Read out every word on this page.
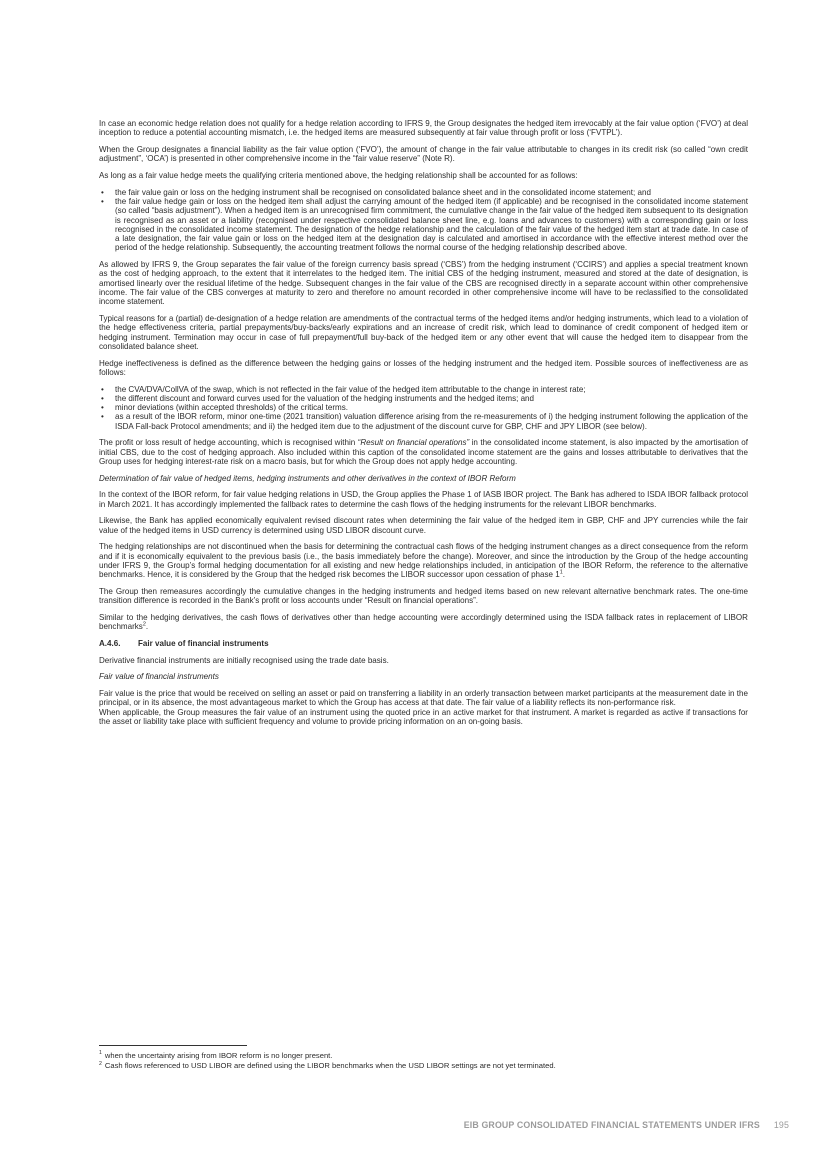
In case an economic hedge relation does not qualify for a hedge relation according to IFRS 9, the Group designates the hedged item irrevocably at the fair value option (‘FVO’) at deal inception to reduce a potential accounting mismatch, i.e. the hedged items are measured subsequently at fair value through profit or loss (‘FVTPL’).

When the Group designates a financial liability as the fair value option (‘FVO’), the amount of change in the fair value attributable to changes in its credit risk (so called “own credit adjustment”, ‘OCA’) is presented in other comprehensive income in the “fair value reserve” (Note R).

As long as a fair value hedge meets the qualifying criteria mentioned above, the hedging relationship shall be accounted for as follows:

• the fair value gain or loss on the hedging instrument shall be recognised on consolidated balance sheet and in the consolidated income statement; and
• the fair value hedge gain or loss on the hedged item shall adjust the carrying amount of the hedged item (if applicable) and be recognised in the consolidated income statement (so called “basis adjustment”). When a hedged item is an unrecognised firm commitment, the cumulative change in the fair value of the hedged item subsequent to its designation is recognised as an asset or a liability (recognised under respective consolidated balance sheet line, e.g. loans and advances to customers) with a corresponding gain or loss recognised in the consolidated income statement. The designation of the hedge relationship and the calculation of the fair value of the hedged item start at trade date. In case of a late designation, the fair value gain or loss on the hedged item at the designation day is calculated and amortised in accordance with the effective interest method over the period of the hedge relationship. Subsequently, the accounting treatment follows the normal course of the hedging relationship described above.

As allowed by IFRS 9, the Group separates the fair value of the foreign currency basis spread (‘CBS’) from the hedging instrument (‘CCIRS’) and applies a special treatment known as the cost of hedging approach, to the extent that it interrelates to the hedged item. The initial CBS of the hedging instrument, measured and stored at the date of designation, is amortised linearly over the residual lifetime of the hedge. Subsequent changes in the fair value of the CBS are recognised directly in a separate account within other comprehensive income. The fair value of the CBS converges at maturity to zero and therefore no amount recorded in other comprehensive income will have to be reclassified to the consolidated income statement.

Typical reasons for a (partial) de-designation of a hedge relation are amendments of the contractual terms of the hedged items and/or hedging instruments, which lead to a violation of the hedge effectiveness criteria, partial prepayments/buy-backs/early expirations and an increase of credit risk, which lead to dominance of credit component of hedged item or hedging instrument. Termination may occur in case of full prepayment/full buy-back of the hedged item or any other event that will cause the hedged item to disappear from the consolidated balance sheet.

Hedge ineffectiveness is defined as the difference between the hedging gains or losses of the hedging instrument and the hedged item. Possible sources of ineffectiveness are as follows:

• the CVA/DVA/CollVA of the swap, which is not reflected in the fair value of the hedged item attributable to the change in interest rate;
• the different discount and forward curves used for the valuation of the hedging instruments and the hedged items; and
• minor deviations (within accepted thresholds) of the critical terms.
• as a result of the IBOR reform, minor one-time (2021 transition) valuation difference arising from the re-measurements of i) the hedging instrument following the application of the ISDA Fall-back Protocol amendments; and ii) the hedged item due to the adjustment of the discount curve for GBP, CHF and JPY LIBOR (see below).

The profit or loss result of hedge accounting, which is recognised within “Result on financial operations” in the consolidated income statement, is also impacted by the amortisation of initial CBS, due to the cost of hedging approach. Also included within this caption of the consolidated income statement are the gains and losses attributable to derivatives that the Group uses for hedging interest-rate risk on a macro basis, but for which the Group does not apply hedge accounting.

Determination of fair value of hedged items, hedging instruments and other derivatives in the context of IBOR Reform

In the context of the IBOR reform, for fair value hedging relations in USD, the Group applies the Phase 1 of IASB IBOR project. The Bank has adhered to ISDA IBOR fallback protocol in March 2021. It has accordingly implemented the fallback rates to determine the cash flows of the hedging instruments for the relevant LIBOR benchmarks.

Likewise, the Bank has applied economically equivalent revised discount rates when determining the fair value of the hedged item in GBP, CHF and JPY currencies while the fair value of the hedged items in USD currency is determined using USD LIBOR discount curve.

The hedging relationships are not discontinued when the basis for determining the contractual cash flows of the hedging instrument changes as a direct consequence from the reform and if it is economically equivalent to the previous basis (i.e., the basis immediately before the change). Moreover, and since the introduction by the Group of the hedge accounting under IFRS 9, the Group’s formal hedging documentation for all existing and new hedge relationships included, in anticipation of the IBOR Reform, the reference to the alternative benchmarks. Hence, it is considered by the Group that the hedged risk becomes the LIBOR successor upon cessation of phase $1^1$.

The Group then remeasures accordingly the cumulative changes in the hedging instruments and hedged items based on new relevant alternative benchmark rates. The one-time transition difference is recorded in the Bank’s profit or loss accounts under “Result on financial operations”.

Similar to the hedging derivatives, the cash flows of derivatives other than hedge accounting were accordingly determined using the ISDA fallback rates in replacement of LIBOR benchmarks$^2$.

A.4.6. Fair value of financial instruments

Derivative financial instruments are initially recognised using the trade date basis.

Fair value of financial instruments

Fair value is the price that would be received on selling an asset or paid on transferring a liability in an orderly transaction between market participants at the measurement date in the principal, or in its absence, the most advantageous market to which the Group has access at that date. The fair value of a liability reflects its non-performance risk.

When applicable, the Group measures the fair value of an instrument using the quoted price in an active market for that instrument. A market is regarded as active if transactions for the asset or liability take place with sufficient frequency and volume to provide pricing information on an on-going basis.

$^1$ when the uncertainty arising from IBOR reform is no longer present.
$^2$ Cash flows referenced to USD LIBOR are defined using the LIBOR benchmarks when the USD LIBOR settings are not yet terminated.
EIB GROUP CONSOLIDATED FINANCIAL STATEMENTS UNDER IFRS 195
